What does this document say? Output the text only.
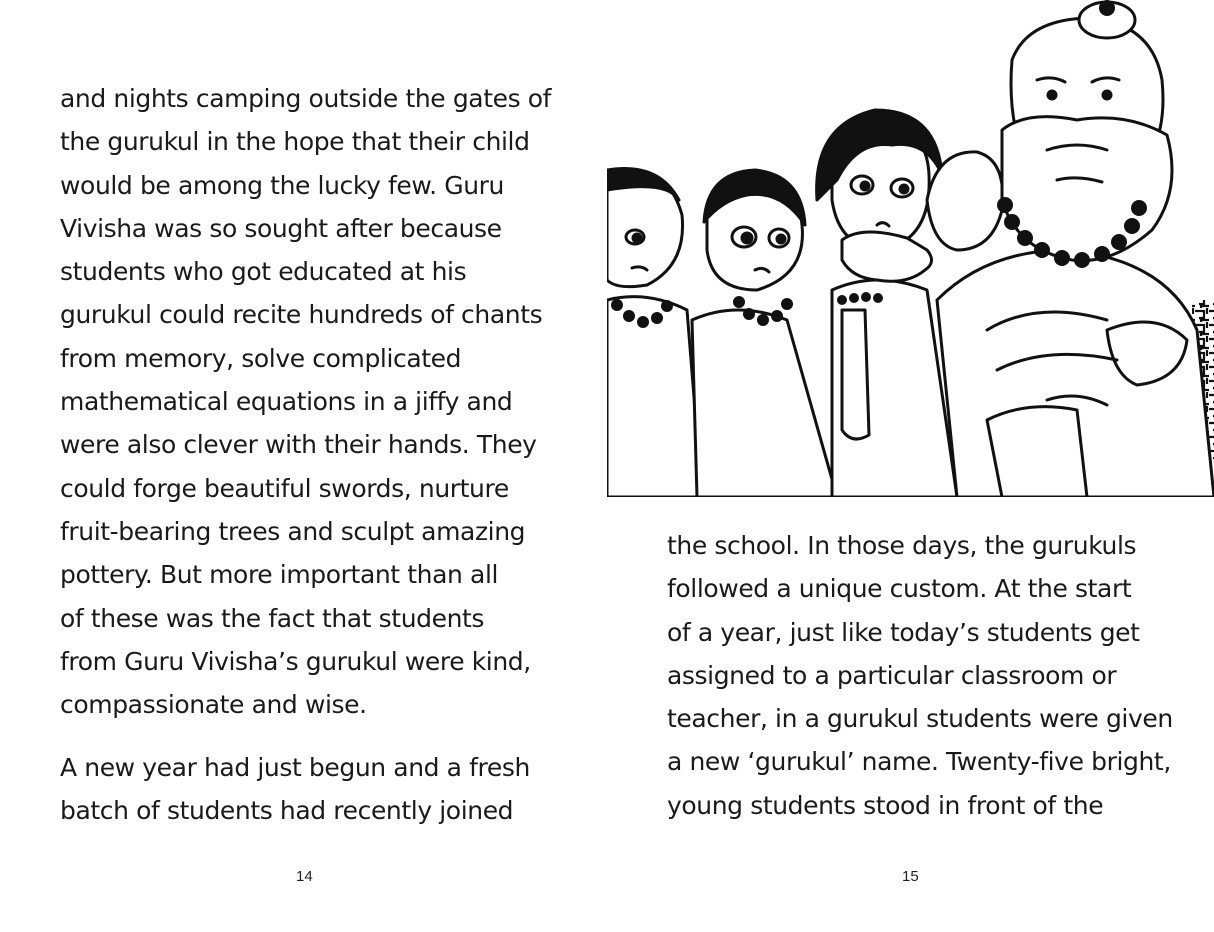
and nights camping outside the gates of
the gurukul in the hope that their child
would be among the lucky few. Guru
Vivisha was so sought after because
students who got educated at his
gurukul could recite hundreds of chants
from memory, solve complicated
mathematical equations in a jiffy and
were also clever with their hands. They
could forge beautiful swords, nurture
fruit-bearing trees and sculpt amazing
pottery. But more important than all
of these was the fact that students
from Guru Vivisha’s gurukul were kind,
compassionate and wise.
A new year had just begun and a fresh
batch of students had recently joined
14
the school. In those days, the gurukuls
followed a unique custom. At the start
of a year, just like today’s students get
assigned to a particular classroom or
teacher, in a gurukul students were given
a new ‘gurukul’ name. Twenty-five bright,
young students stood in front of the
15
